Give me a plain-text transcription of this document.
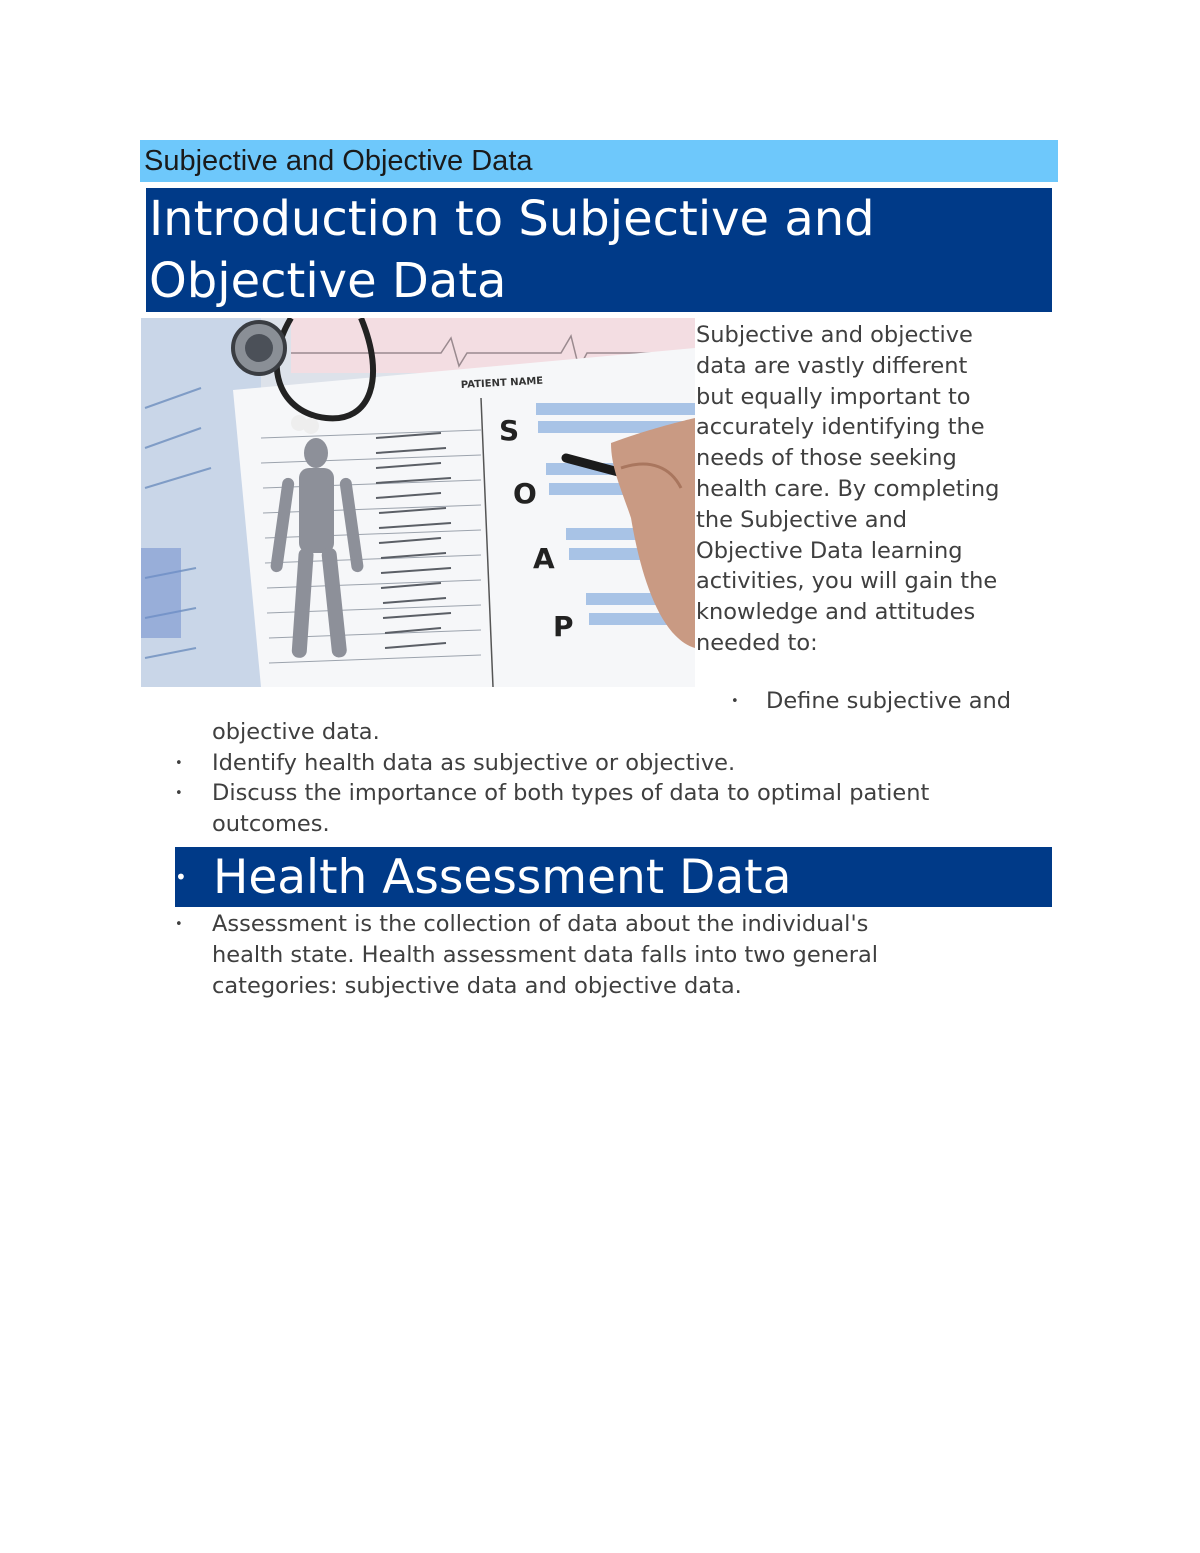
Subjective and Objective Data
Introduction to Subjective and
Objective Data
PATIENT NAME
S
O
A
P
Subjective and objective
data are vastly different
but equally important to
accurately identifying the
needs of those seeking
health care. By completing
the Subjective and
Objective Data learning
activities, you will gain the
knowledge and attitudes
needed to:
• Define subjective and
objective data.
• Identify health data as subjective or objective.
• Discuss the importance of both types of data to optimal patient
outcomes.
• Health Assessment Data
• Assessment is the collection of data about the individual's
health state. Health assessment data falls into two general
categories: subjective data and objective data.
